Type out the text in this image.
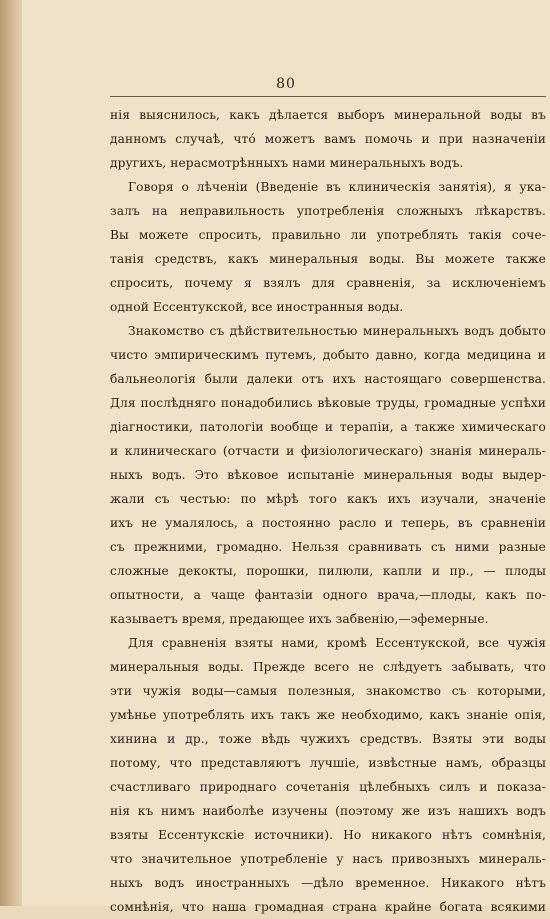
80
нія выяснилось, какъ дѣлается выборъ минеральной воды въ
данномъ случаѣ, что́ можетъ вамъ помочь и при назначеніи
другихъ, нерасмотрѣнныхъ нами минеральныхъ водъ.
Говоря о лѣченіи (Введеніе въ клиническія занятія), я ука-
залъ на неправильность употребленія сложныхъ лѣкарствъ.
Вы можете спросить, правильно ли употреблять такія соче-
танія средствъ, какъ минеральныя воды. Вы можете также
спросить, почему я взялъ для сравненія, за исключеніемъ
одной Ессентукской, все иностранныя воды.
Знакомство съ дѣйствительностью минеральныхъ водъ добыто
чисто эмпирическимъ путемъ, добыто давно, когда медицина и
бальнеологія были далеки отъ ихъ настоящаго совершенства.
Для послѣдняго понадобились вѣковые труды, громадные успѣхи
діагностики, патологіи вообще и терапіи, а также химическаго
и клиническаго (отчасти и физіологическаго) знанія минераль-
ныхъ водъ. Это вѣковое испытаніе минеральныя воды выдер-
жали съ честью: по мѣрѣ того какъ ихъ изучали, значеніе
ихъ не умалялось, а постоянно расло и теперь, въ сравненіи
съ прежними, громадно. Нельзя сравнивать съ ними разные
сложные декокты, порошки, пилюли, капли и пр., — плоды
опытности, а чаще фантазіи одного врача,—плоды, какъ по-
казываетъ время, предающее ихъ забвенію,—эфемерные.
Для сравненія взяты нами, кромѣ Ессентукской, все чужія
минеральныя воды. Прежде всего не слѣдуетъ забывать, что
эти чужія воды—самыя полезныя, знакомство съ которыми,
умѣнье употреблять ихъ такъ же необходимо, какъ знаніе опія,
хинина и др., тоже вѣдь чужихъ средствъ. Взяты эти воды
потому, что представляютъ лучшіе, извѣстные намъ, образцы
счастливаго природнаго сочетанія цѣлебныхъ силъ и показа-
нія къ нимъ наиболѣе изучены (поэтому же изъ нашихъ водъ
взяты Ессентукскіе источники). Но никакого нѣтъ сомнѣнія,
что значительное употребленіе у насъ привозныхъ минераль-
ныхъ водъ иностранныхъ —дѣло временное. Никакого нѣтъ
сомнѣнія, что наша громадная страна крайне богата всякими
